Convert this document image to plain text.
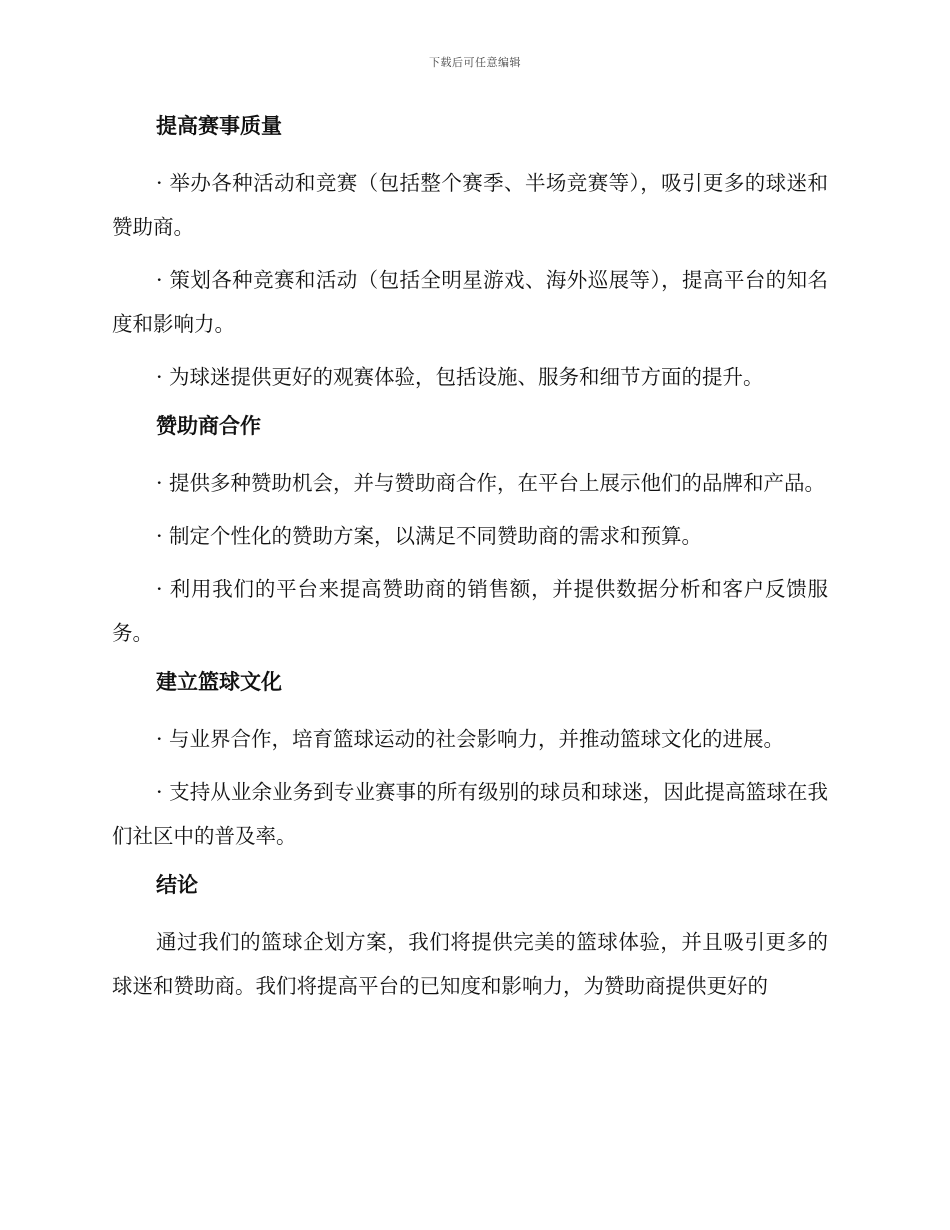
下载后可任意编辑
提高赛事质量

· 举办各种活动和竞赛（包括整个赛季、半场竞赛等），吸引更多的球迷和赞助商。

· 策划各种竞赛和活动（包括全明星游戏、海外巡展等），提高平台的知名度和影响力。

· 为球迷提供更好的观赛体验，包括设施、服务和细节方面的提升。

赞助商合作

· 提供多种赞助机会，并与赞助商合作，在平台上展示他们的品牌和产品。

· 制定个性化的赞助方案，以满足不同赞助商的需求和预算。

· 利用我们的平台来提高赞助商的销售额，并提供数据分析和客户反馈服务。

建立篮球文化

· 与业界合作，培育篮球运动的社会影响力，并推动篮球文化的进展。

· 支持从业余业务到专业赛事的所有级别的球员和球迷，因此提高篮球在我们社区中的普及率。

结论

通过我们的篮球企划方案，我们将提供完美的篮球体验，并且吸引更多的球迷和赞助商。我们将提高平台的已知度和影响力，为赞助商提供更好的
